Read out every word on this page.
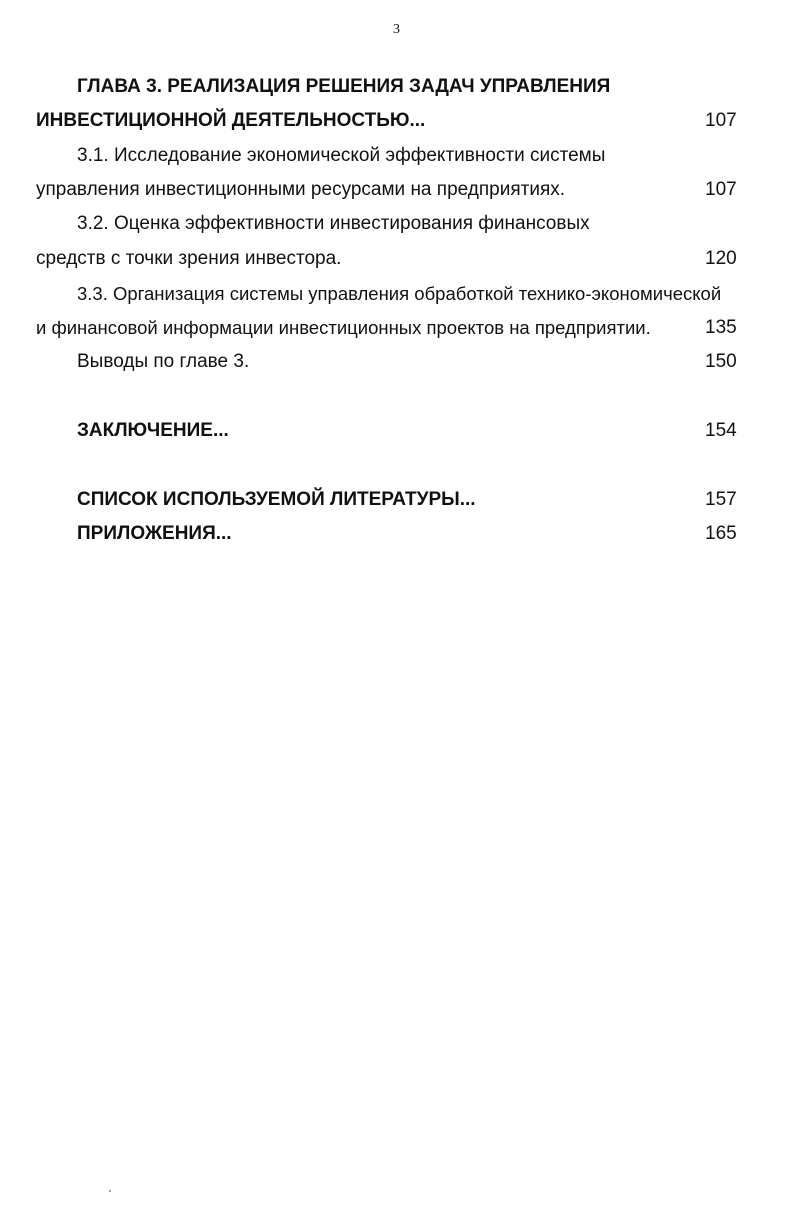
3
ГЛАВА 3. РЕАЛИЗАЦИЯ РЕШЕНИЯ ЗАДАЧ УПРАВЛЕНИЯ
ИНВЕСТИЦИОННОЙ ДЕЯТЕЛЬНОСТЬЮ...	107
3.1. Исследование экономической эффективности системы
управления инвестиционными ресурсами на предприятиях.	107
3.2. Оценка эффективности инвестирования финансовых
средств с точки зрения инвестора.	120
3.3. Организация системы управления обработкой технико-экономической
и финансовой информации инвестиционных проектов на предприятии.	135
Выводы по главе 3.	150
ЗАКЛЮЧЕНИЕ...	154
СПИСОК ИСПОЛЬЗУЕМОЙ ЛИТЕРАТУРЫ...	157
ПРИЛОЖЕНИЯ...	165
